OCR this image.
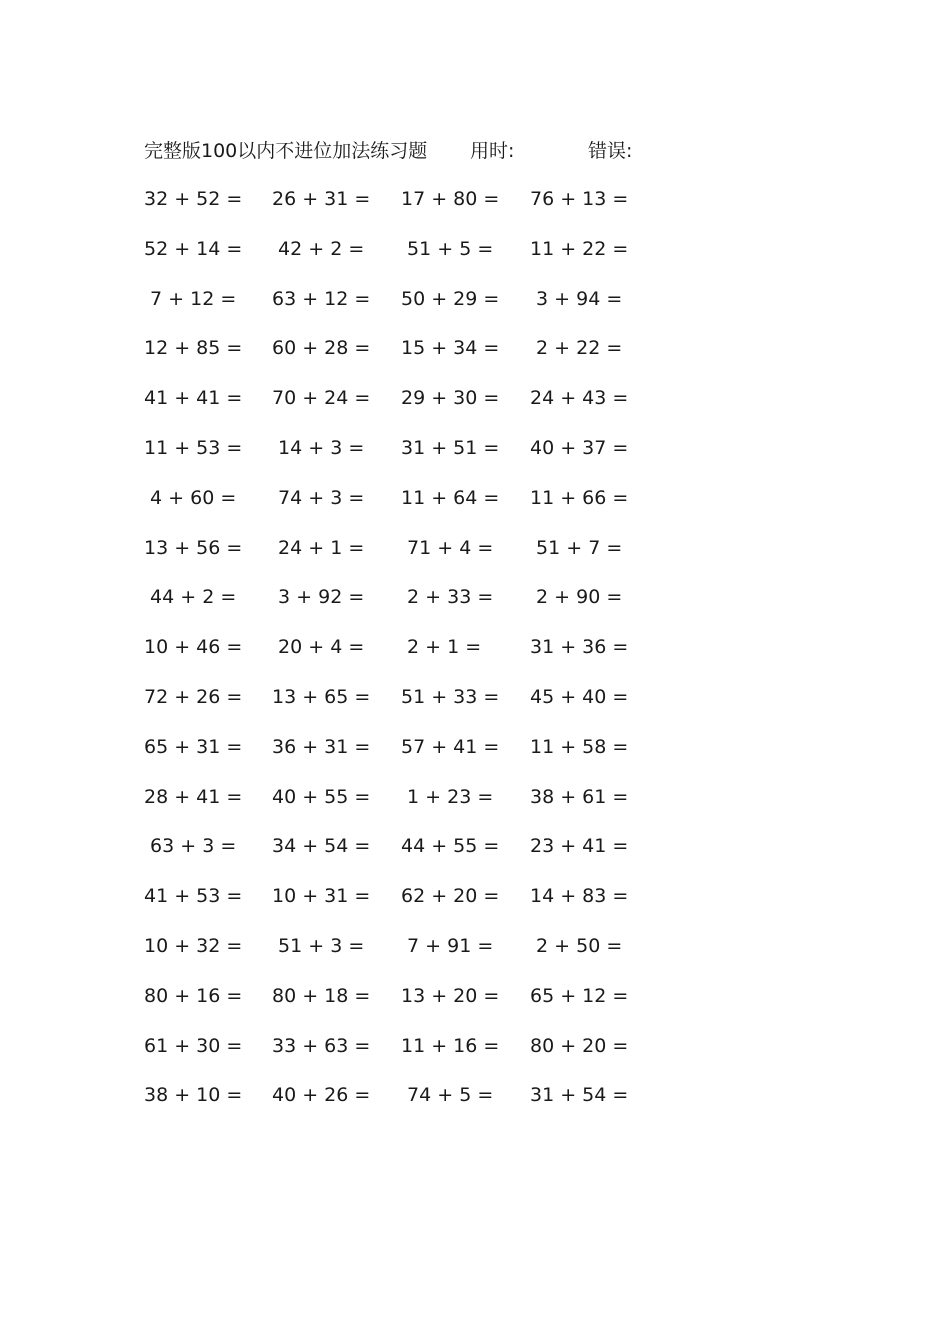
完整版100以内不进位加法练习题 用时:	错误:
32 + 52 =	26 + 31 =	17 + 80 =	76 + 13 =
52 + 14 =	42 + 2 =	51 + 5 =	11 + 22 =
7 + 12 =	63 + 12 =	50 + 29 =	3 + 94 =
12 + 85 =	60 + 28 =	15 + 34 =	2 + 22 =
41 + 41 =	70 + 24 =	29 + 30 =	24 + 43 =
11 + 53 =	14 + 3 =	31 + 51 =	40 + 37 =
4 + 60 =	74 + 3 =	11 + 64 =	11 + 66 =
13 + 56 =	24 + 1 =	71 + 4 =	51 + 7 =
44 + 2 =	3 + 92 =	2 + 33 =	2 + 90 =
10 + 46 =	20 + 4 =	2 + 1 =	31 + 36 =
72 + 26 =	13 + 65 =	51 + 33 =	45 + 40 =
65 + 31 =	36 + 31 =	57 + 41 =	11 + 58 =
28 + 41 =	40 + 55 =	1 + 23 =	38 + 61 =
63 + 3 =	34 + 54 =	44 + 55 =	23 + 41 =
41 + 53 =	10 + 31 =	62 + 20 =	14 + 83 =
10 + 32 =	51 + 3 =	7 + 91 =	2 + 50 =
80 + 16 =	80 + 18 =	13 + 20 =	65 + 12 =
61 + 30 =	33 + 63 =	11 + 16 =	80 + 20 =
38 + 10 =	40 + 26 =	74 + 5 =	31 + 54 =
